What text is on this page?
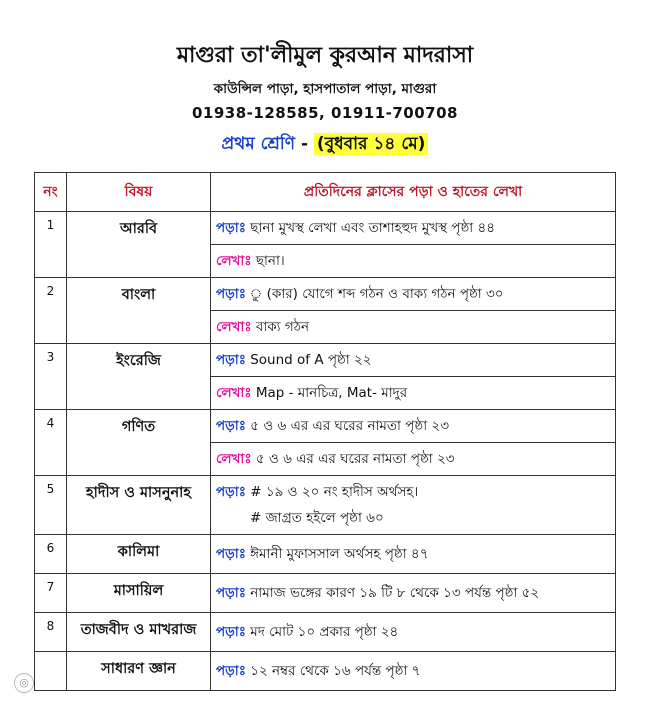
মাগুরা তা'লীমুল কুরআন মাদরাসা
কাউন্সিল পাড়া, হাসপাতাল পাড়া, মাগুরা
01938-128585, 01911-700708
প্রথম শ্রেণি - (বুধবার ১৪ মে)
নং	বিষয়	প্রতিদিনের ক্লাসের পড়া ও হাতের লেখা
1	আরবি	পড়াঃ ছানা মুখস্থ লেখা এবং তাশাহহুদ মুখস্থ পৃষ্ঠা ৪৪
		লেখাঃ ছানা।
2	বাংলা	পড়াঃ ু (কার) যোগে শব্দ গঠন ও বাক্য গঠন পৃষ্ঠা ৩০
		লেখাঃ বাক্য গঠন
3	ইংরেজি	পড়াঃ Sound of A পৃষ্ঠা ২২
		লেখাঃ Map - মানচিত্র, Mat- মাদুর
4	গণিত	পড়াঃ ৫ ও ৬ এর এর ঘরের নামতা পৃষ্ঠা ২৩
		লেখাঃ ৫ ও ৬ এর এর ঘরের নামতা পৃষ্ঠা ২৩
5	হাদীস ও মাসনুনাহ	পড়াঃ # ১৯ ও ২০ নং হাদীস অর্থসহ।
# জাগ্রত হইলে পৃষ্ঠা ৬০

6	কালিমা	পড়াঃ ঈমানী মুফাসসাল অর্থসহ পৃষ্ঠা ৪৭
7	মাসায়িল	পড়াঃ নামাজ ভঙ্গের কারণ ১৯ টি ৮ থেকে ১৩ পর্যন্ত পৃষ্ঠা ৫২
8	তাজবীদ ও মাখরাজ	পড়াঃ মদ মোট ১০ প্রকার পৃষ্ঠা ২৪
	সাধারণ জ্ঞান	পড়াঃ ১২ নম্বর থেকে ১৬ পর্যন্ত পৃষ্ঠা ৭
◎
